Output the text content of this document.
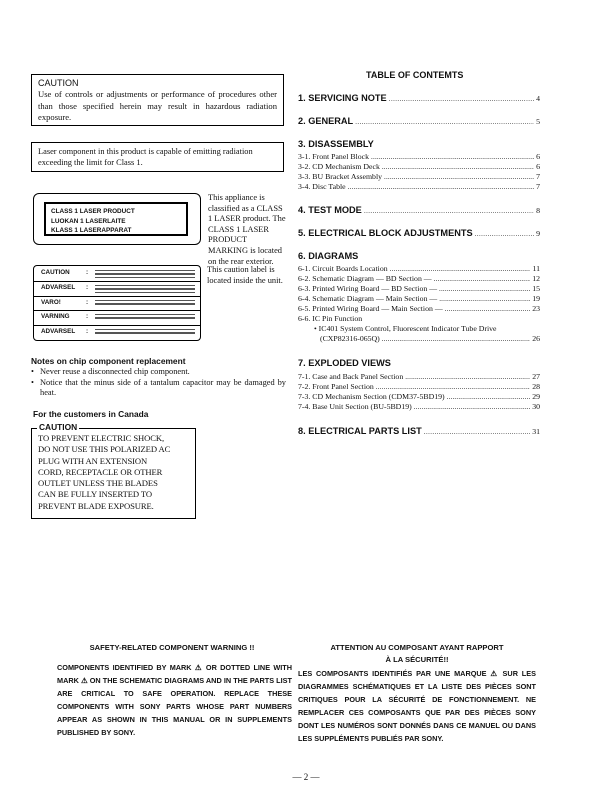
CAUTION
Use of controls or adjustments or performance of procedures other than those specified herein may result in hazardous radiation exposure.
Laser component in this product is capable of emitting radiation exceeding the limit for Class 1.
CLASS 1 LASER PRODUCT
LUOKAN 1 LASERLAITE
KLASS 1 LASERAPPARAT
This appliance is classified as a CLASS 1 LASER product. The CLASS 1 LASER PRODUCT MARKING is located on the rear exterior.
CAUTION	:
ADVARSEL :
VARO!	:
VARNING	:
ADVARSEL :
This caution label is located inside the unit.
Notes on chip component replacement
• Never reuse a disconnected chip component.
• Notice that the minus side of a tantalum capacitor may be damaged by heat.
For the customers in Canada
TO PREVENT ELECTRIC SHOCK,
DO NOT USE THIS POLARIZED AC
PLUG WITH AN EXTENSION
CORD, RECEPTACLE OR OTHER
OUTLET UNLESS THE BLADES
CAN BE FULLY INSERTED TO
PREVENT BLADE EXPOSURE.
CAUTION
TABLE OF CONTEMTS
1. SERVICING NOTE .....	4
2. GENERAL .....	5
3. DISASSEMBLY
3-1. Front Panel Block .....	6
3-2. CD Mechanism Deck .....	6
3-3. BU Bracket Assembly .....	7
3-4. Disc Table .....	7
4. TEST MODE .....	8
5. ELECTRICAL BLOCK ADJUSTMENTS .....	9
6. DIAGRAMS
6-1. Circuit Boards Location .....	11
6-2. Schematic Diagram — BD Section — .....	12
6-3. Printed Wiring Board — BD Section — .....	15
6-4. Schematic Diagram — Main Section — .....	19
6-5. Printed Wiring Board — Main Section — .....	23
6-6. IC Pin Function
• IC401 System Control, Fluorescent Indicator Tube Drive
(CXP82316-065Q) .....	26
7. EXPLODED VIEWS
7-1. Case and Back Panel Section .....	27
7-2. Front Panel Section .....	28
7-3. CD Mechanism Section (CDM37-5BD19) .....	29
7-4. Base Unit Section (BU-5BD19) .....	30
8. ELECTRICAL PARTS LIST .....	31
SAFETY-RELATED COMPONENT WARNING !!
COMPONENTS IDENTIFIED BY MARK ⚠ OR DOTTED LINE WITH MARK ⚠ ON THE SCHEMATIC DIAGRAMS AND IN THE PARTS LIST ARE CRITICAL TO SAFE OPERATION. REPLACE THESE COMPONENTS WITH SONY PARTS WHOSE PART NUMBERS APPEAR AS SHOWN IN THIS MANUAL OR IN SUPPLEMENTS PUBLISHED BY SONY.
ATTENTION AU COMPOSANT AYANT RAPPORT
À LA SÉCURITÉ!!
LES COMPOSANTS IDENTIFIÉS PAR UNE MARQUE ⚠ SUR LES DIAGRAMMES SCHÉMATIQUES ET LA LISTE DES PIÈCES SONT CRITIQUES POUR LA SÉCURITÉ DE FONCTIONNEMENT. NE REMPLACER CES COMPOSANTS QUE PAR DES PIÈCES SONY DONT LES NUMÉROS SONT DONNÉS DANS CE MANUEL OU DANS LES SUPPLÉMENTS PUBLIÉS PAR SONY.
— 2 —
